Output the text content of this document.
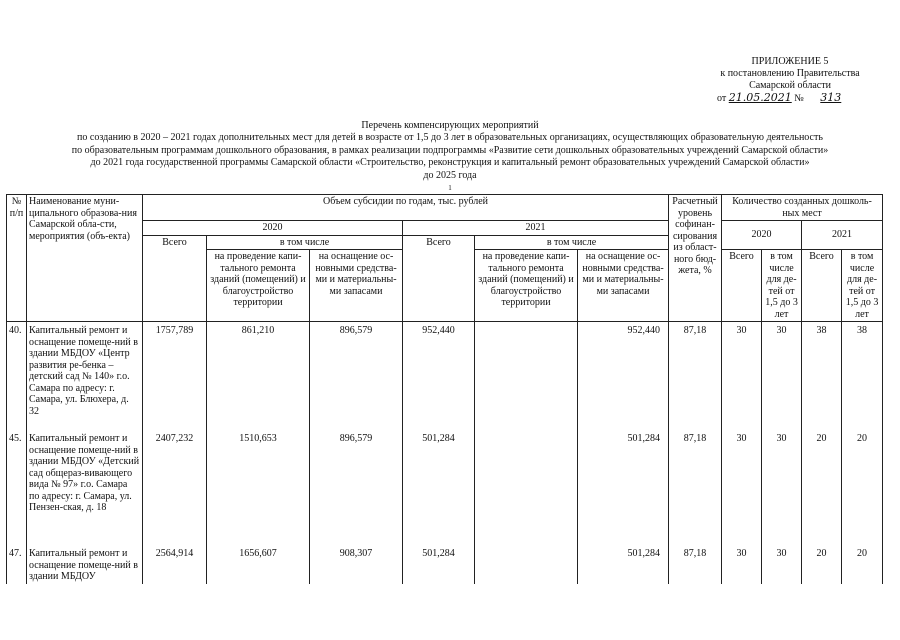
ПРИЛОЖЕНИЕ 5
к постановлению Правительства
Самарской области
от 21.05.2021 № 313
Перечень компенсирующих мероприятий
по созданию в 2020 – 2021 годах дополнительных мест для детей в возрасте от 1,5 до 3 лет в образовательных организациях, осуществляющих образовательную деятельность
по образовательным программам дошкольного образования, в рамках реализации подпрограммы «Развитие сети дошкольных образовательных учреждений Самарской области»
до 2021 года государственной программы Самарской области «Строительство, реконструкция и капитальный ремонт образовательных учреждений Самарской области»
до 2025 года
$^1$
№ п/п	Наименование муни-ципального образова-ния Самарской обла-сти, мероприятия (объ-екта)	Объем субсидии по годам, тыс. рублей						Расчетный уровень софинан-сирования из област-ного бюд-жета, %	Количество созданных дошколь-ных мест			
		2020			2021				2020		2021	
		Всего	в том числе		Всего	в том числе						
			на проведение капи-тального ремонта зданий (помещений) и благоустройство территории	на оснащение ос-новными средства-ми и материальны-ми запасами		на проведение капи-тального ремонта зданий (помещений) и благоустройство территории	на оснащение ос-новными средства-ми и материальны-ми запасами		Всего	в том числе для де-тей от 1,5 до 3 лет	Всего	в том числе для де-тей от 1,5 до 3 лет
40.	Капитальный ремонт и оснащение помеще-ний в здании МБДОУ «Центр развития ре-бенка – детский сад № 140» г.о. Самара по адресу: г. Самара, ул. Блюхера, д. 32	1757,789	861,210	896,579	952,440		952,440	87,18	30	30	38	38
45.	Капитальный ремонт и оснащение помеще-ний в здании МБДОУ «Детский сад общераз-вивающего вида № 97» г.о. Самара по адресу: г. Самара, ул. Пензен-ская, д. 18	2407,232	1510,653	896,579	501,284		501,284	87,18	30	30	20	20
47.	Капитальный ремонт и оснащение помеще-ний в здании МБДОУ	2564,914	1656,607	908,307	501,284		501,284	87,18	30	30	20	20
